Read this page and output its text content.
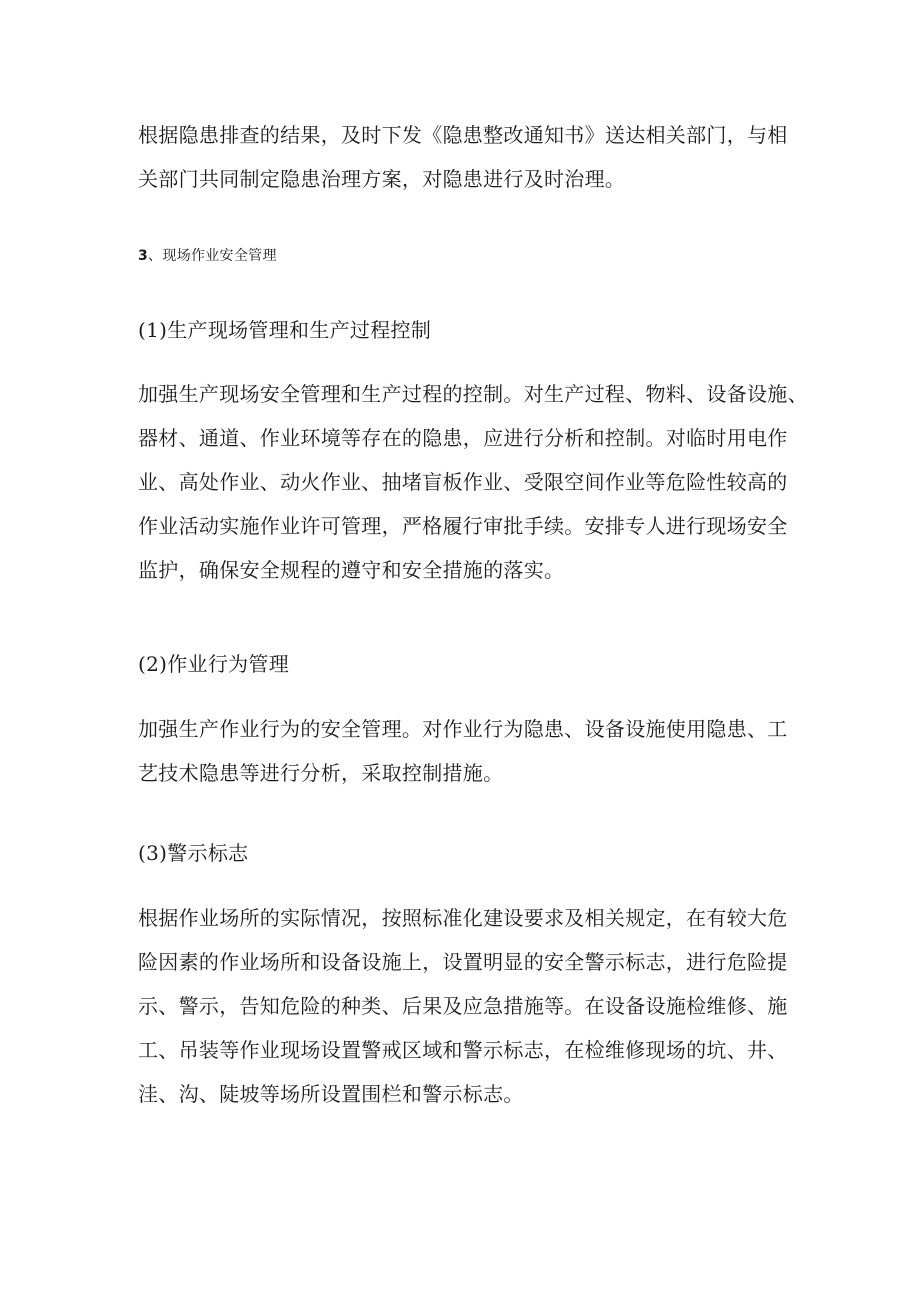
根据隐患排查的结果，及时下发《隐患整改通知书》送达相关部门，与相
关部门共同制定隐患治理方案，对隐患进行及时治理。
3、现场作业安全管理
(1)生产现场管理和生产过程控制
加强生产现场安全管理和生产过程的控制。对生产过程、物料、设备设施、
器材、通道、作业环境等存在的隐患，应进行分析和控制。对临时用电作
业、高处作业、动火作业、抽堵盲板作业、受限空间作业等危险性较高的
作业活动实施作业许可管理，严格履行审批手续。安排专人进行现场安全
监护，确保安全规程的遵守和安全措施的落实。
(2)作业行为管理
加强生产作业行为的安全管理。对作业行为隐患、设备设施使用隐患、工
艺技术隐患等进行分析，采取控制措施。
(3)警示标志
根据作业场所的实际情况，按照标准化建设要求及相关规定，在有较大危
险因素的作业场所和设备设施上，设置明显的安全警示标志，进行危险提
示、警示，告知危险的种类、后果及应急措施等。在设备设施检维修、施
工、吊装等作业现场设置警戒区域和警示标志，在检维修现场的坑、井、
洼、沟、陡坡等场所设置围栏和警示标志。
